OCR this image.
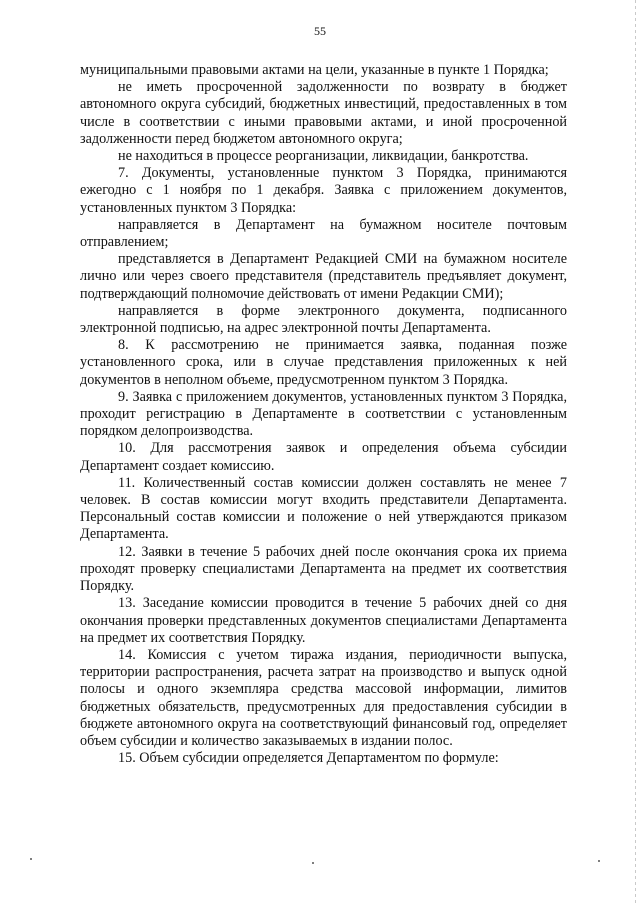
55

муниципальными правовыми актами на цели, указанные в пункте 1 Порядка;

не иметь просроченной задолженности по возврату в бюджет автономного округа субсидий, бюджетных инвестиций, предоставленных в том числе в соответствии с иными правовыми актами, и иной просроченной задолженности перед бюджетом автономного округа;

не находиться в процессе реорганизации, ликвидации, банкротства.

7. Документы, установленные пунктом 3 Порядка, принимаются ежегодно с 1 ноября по 1 декабря. Заявка с приложением документов, установленных пунктом 3 Порядка:

направляется в Департамент на бумажном носителе почтовым отправлением;

представляется в Департамент Редакцией СМИ на бумажном носителе лично или через своего представителя (представитель предъявляет документ, подтверждающий полномочие действовать от имени Редакции СМИ);

направляется в форме электронного документа, подписанного электронной подписью, на адрес электронной почты Департамента.

8. К рассмотрению не принимается заявка, поданная позже установленного срока, или в случае представления приложенных к ней документов в неполном объеме, предусмотренном пунктом 3 Порядка.

9. Заявка с приложением документов, установленных пунктом 3 Порядка, проходит регистрацию в Департаменте в соответствии с установленным порядком делопроизводства.

10. Для рассмотрения заявок и определения объема субсидии Департамент создает комиссию.

11. Количественный состав комиссии должен составлять не менее 7 человек. В состав комиссии могут входить представители Департамента. Персональный состав комиссии и положение о ней утверждаются приказом Департамента.

12. Заявки в течение 5 рабочих дней после окончания срока их приема проходят проверку специалистами Департамента на предмет их соответствия Порядку.

13. Заседание комиссии проводится в течение 5 рабочих дней со дня окончания проверки представленных документов специалистами Департамента на предмет их соответствия Порядку.

14. Комиссия с учетом тиража издания, периодичности выпуска, территории распространения, расчета затрат на производство и выпуск одной полосы и одного экземпляра средства массовой информации, лимитов бюджетных обязательств, предусмотренных для предоставления субсидии в бюджете автономного округа на соответствующий финансовый год, определяет объем субсидии и количество заказываемых в издании полос.

15. Объем субсидии определяется Департаментом по формуле:
